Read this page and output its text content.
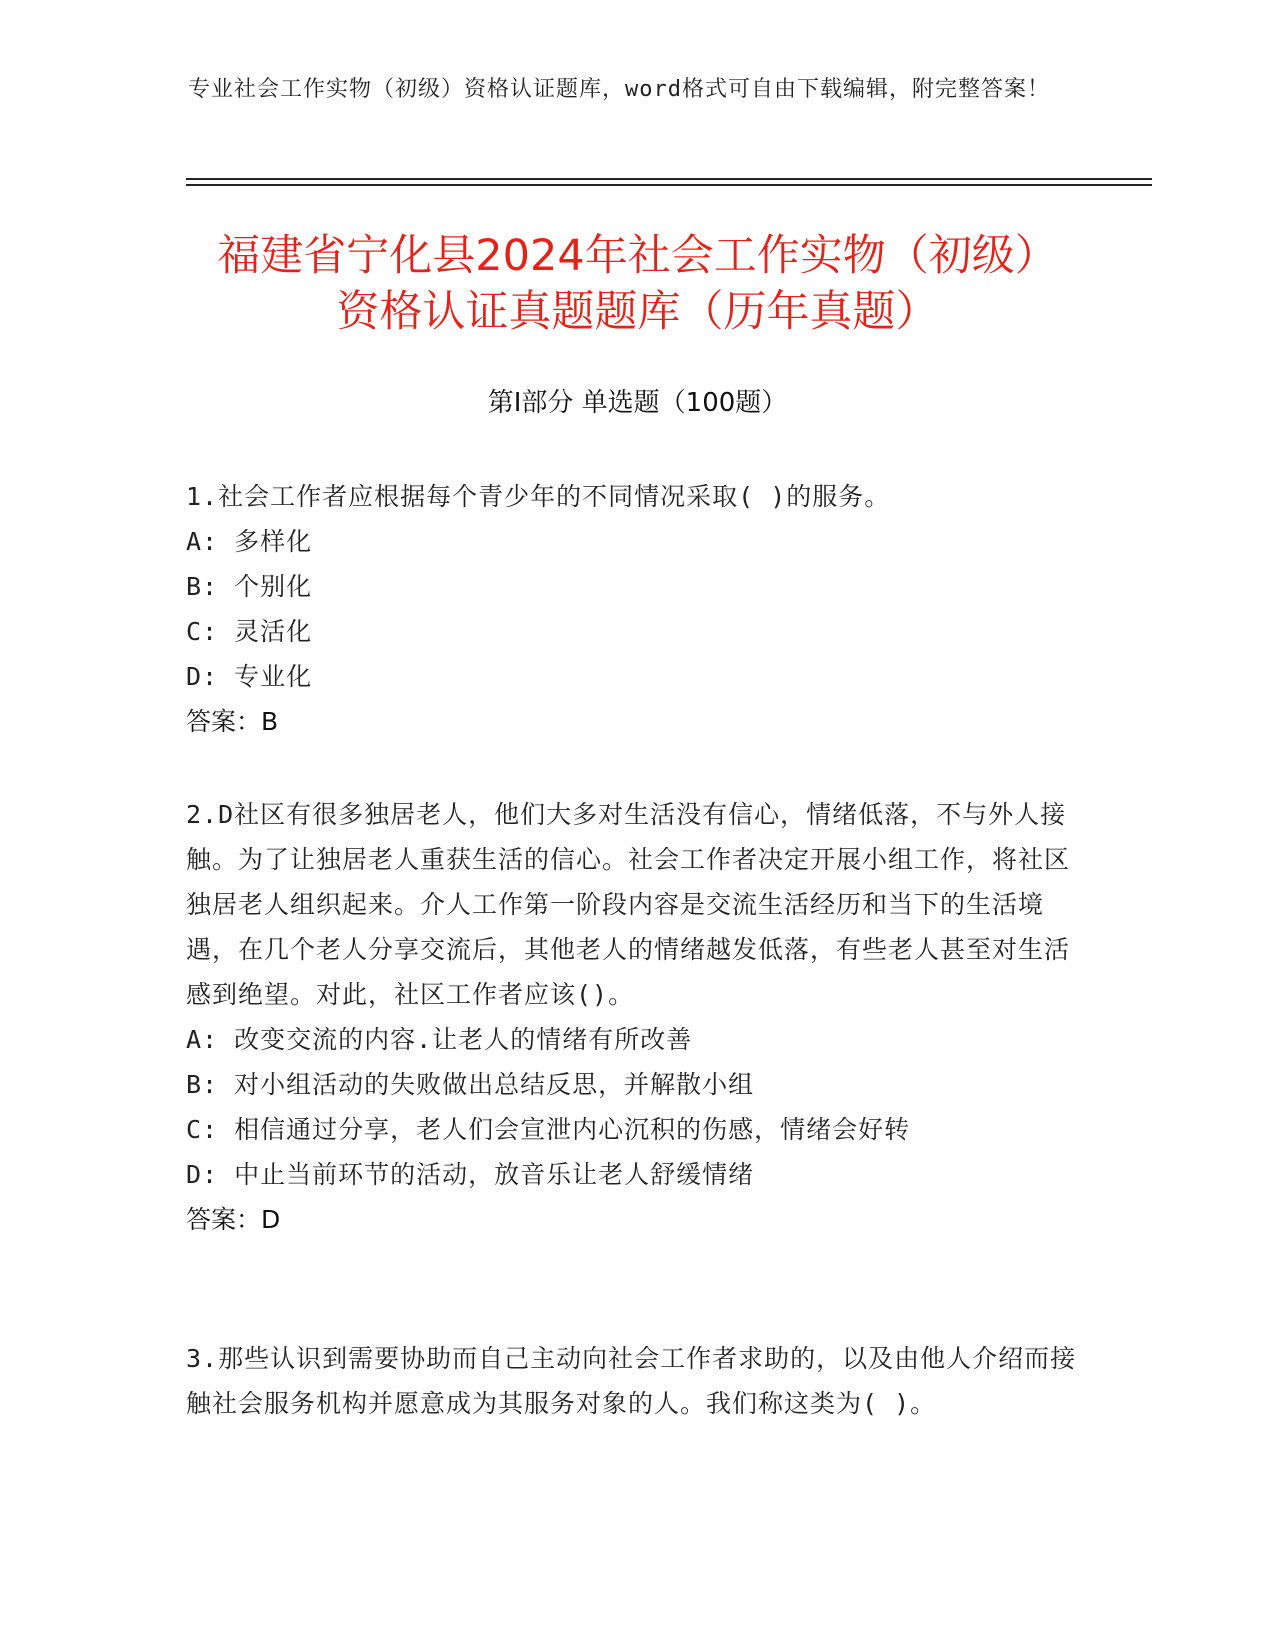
专业社会工作实物（初级）资格认证题库，word格式可自由下载编辑，附完整答案！
福建省宁化县2024年社会工作实物（初级）
资格认证真题题库（历年真题）
第Ⅰ部分 单选题（100题）
1.社会工作者应根据每个青少年的不同情况采取( )的服务。
A: 多样化
B: 个别化
C: 灵活化
D: 专业化
答案：B
2.D社区有很多独居老人，他们大多对生活没有信心，情绪低落，不与外人接触。为了让独居老人重获生活的信心。社会工作者决定开展小组工作，将社区独居老人组织起来。介人工作第一阶段内容是交流生活经历和当下的生活境遇，在几个老人分享交流后，其他老人的情绪越发低落，有些老人甚至对生活感到绝望。对此，社区工作者应该()。
A: 改变交流的内容.让老人的情绪有所改善
B: 对小组活动的失败做出总结反思，并解散小组
C: 相信通过分享，老人们会宣泄内心沉积的伤感，情绪会好转
D: 中止当前环节的活动，放音乐让老人舒缓情绪
答案：D
3.那些认识到需要协助而自己主动向社会工作者求助的，以及由他人介绍而接触社会服务机构并愿意成为其服务对象的人。我们称这类为( )。
